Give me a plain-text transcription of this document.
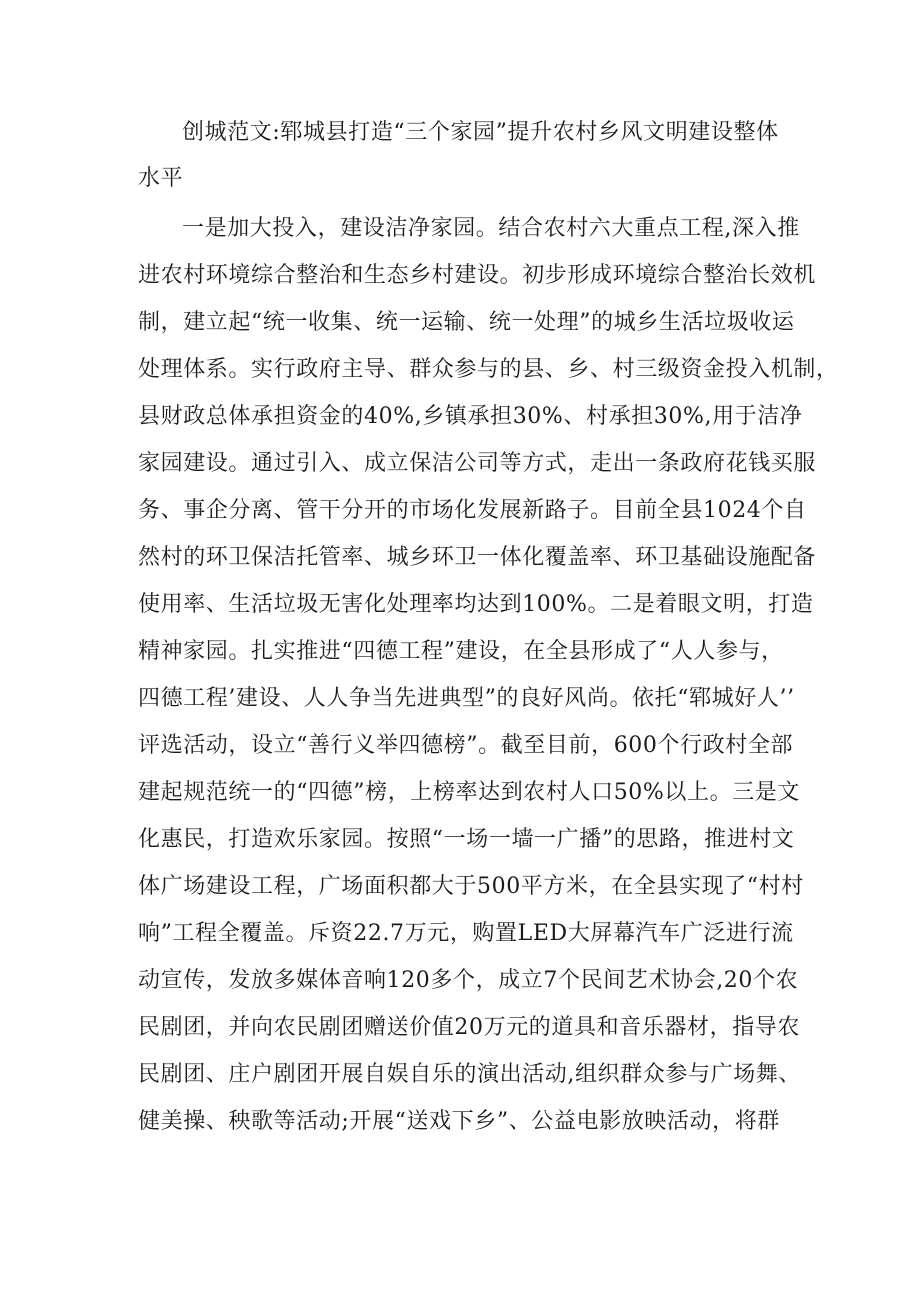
创城范文:郓城县打造“三个家园”提升农村乡风文明建设整体
水平
一是加大投入，建设洁净家园。结合农村六大重点工程,深入推
进农村环境综合整治和生态乡村建设。初步形成环境综合整治长效机
制，建立起“统一收集、统一运输、统一处理”的城乡生活垃圾收运
处理体系。实行政府主导、群众参与的县、乡、村三级资金投入机制，
县财政总体承担资金的40%,乡镇承担30%、村承担30%,用于洁净
家园建设。通过引入、成立保洁公司等方式，走出一条政府花钱买服
务、事企分离、管干分开的市场化发展新路子。目前全县1024个自
然村的环卫保洁托管率、城乡环卫一体化覆盖率、环卫基础设施配备
使用率、生活垃圾无害化处理率均达到100%。二是着眼文明，打造
精神家园。扎实推进“四德工程”建设，在全县形成了“人人参与，
四德工程’建设、人人争当先进典型”的良好风尚。依托“郓城好人’’
评选活动，设立“善行义举四德榜”。截至目前，600个行政村全部
建起规范统一的“四德”榜，上榜率达到农村人口50%以上。三是文
化惠民，打造欢乐家园。按照“一场一墙一广播”的思路，推进村文
体广场建设工程，广场面积都大于500平方米，在全县实现了“村村
响”工程全覆盖。斥资22.7万元，购置LED大屏幕汽车广泛进行流
动宣传，发放多媒体音响120多个，成立7个民间艺术协会,20个农
民剧团，并向农民剧团赠送价值20万元的道具和音乐器材，指导农
民剧团、庄户剧团开展自娱自乐的演出活动,组织群众参与广场舞、
健美操、秧歌等活动;开展“送戏下乡”、公益电影放映活动，将群
